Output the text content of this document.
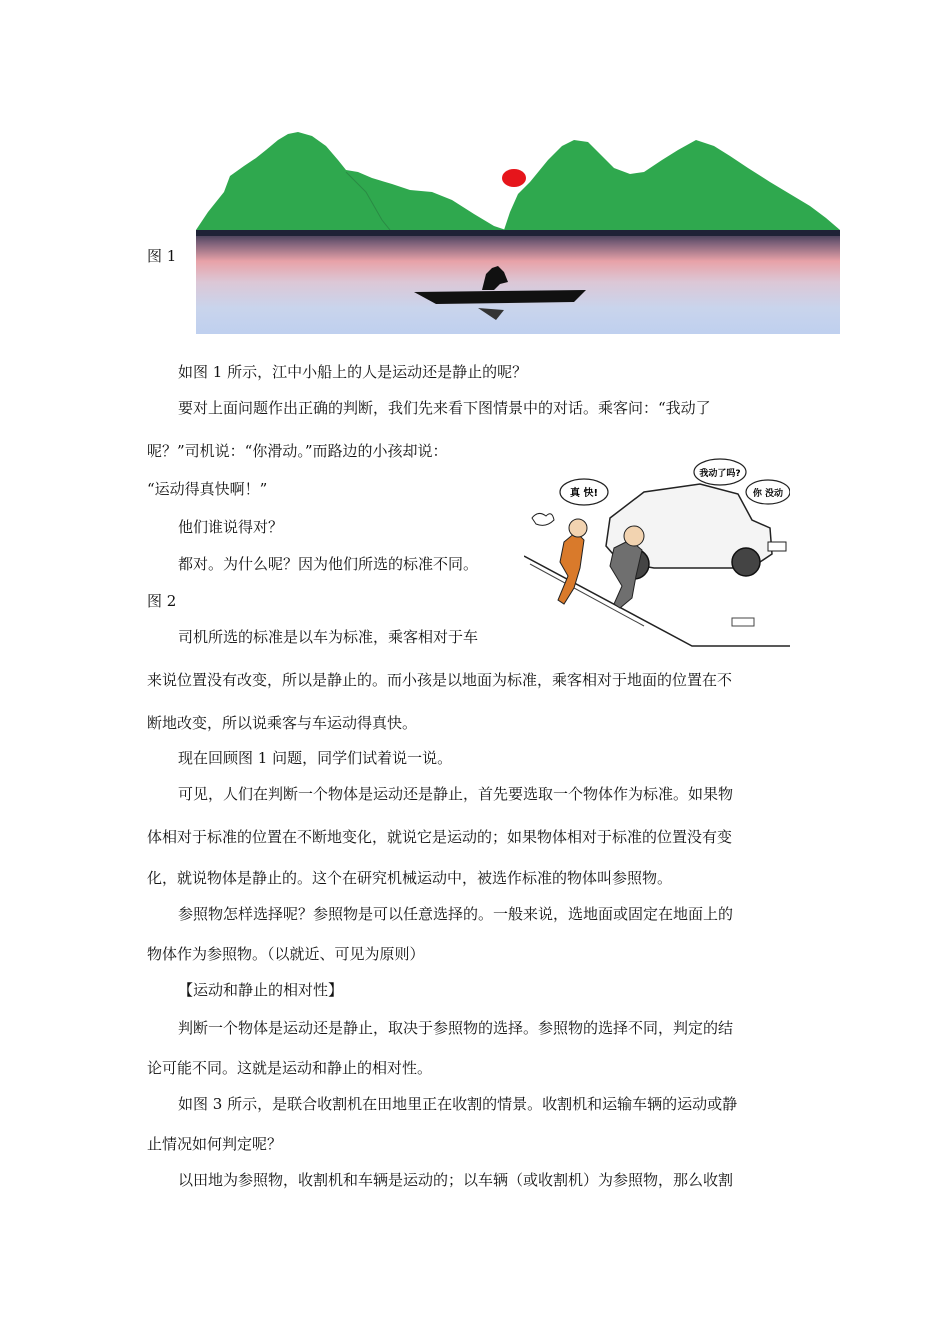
图 1
真 快!
我动了吗?
你 没动
图 2
如图 1 所示，江中小船上的人是运动还是静止的呢？
要对上面问题作出正确的判断，我们先来看下图情景中的对话。乘客问：“我动了
呢？”司机说：“你滑动。”而路边的小孩却说：
“运动得真快啊！”
他们谁说得对？
都对。为什么呢？因为他们所选的标准不同。
司机所选的标准是以车为标准，乘客相对于车
来说位置没有改变，所以是静止的。而小孩是以地面为标准，乘客相对于地面的位置在不
断地改变，所以说乘客与车运动得真快。
现在回顾图 1 问题，同学们试着说一说。
可见，人们在判断一个物体是运动还是静止，首先要选取一个物体作为标准。如果物
体相对于标准的位置在不断地变化，就说它是运动的；如果物体相对于标准的位置没有变
化，就说物体是静止的。这个在研究机械运动中，被选作标准的物体叫参照物。
参照物怎样选择呢？参照物是可以任意选择的。一般来说，选地面或固定在地面上的
物体作为参照物。（以就近、可见为原则）
【运动和静止的相对性】
判断一个物体是运动还是静止，取决于参照物的选择。参照物的选择不同，判定的结
论可能不同。这就是运动和静止的相对性。
如图 3 所示，是联合收割机在田地里正在收割的情景。收割机和运输车辆的运动或静
止情况如何判定呢？
以田地为参照物，收割机和车辆是运动的；以车辆（或收割机）为参照物，那么收割
